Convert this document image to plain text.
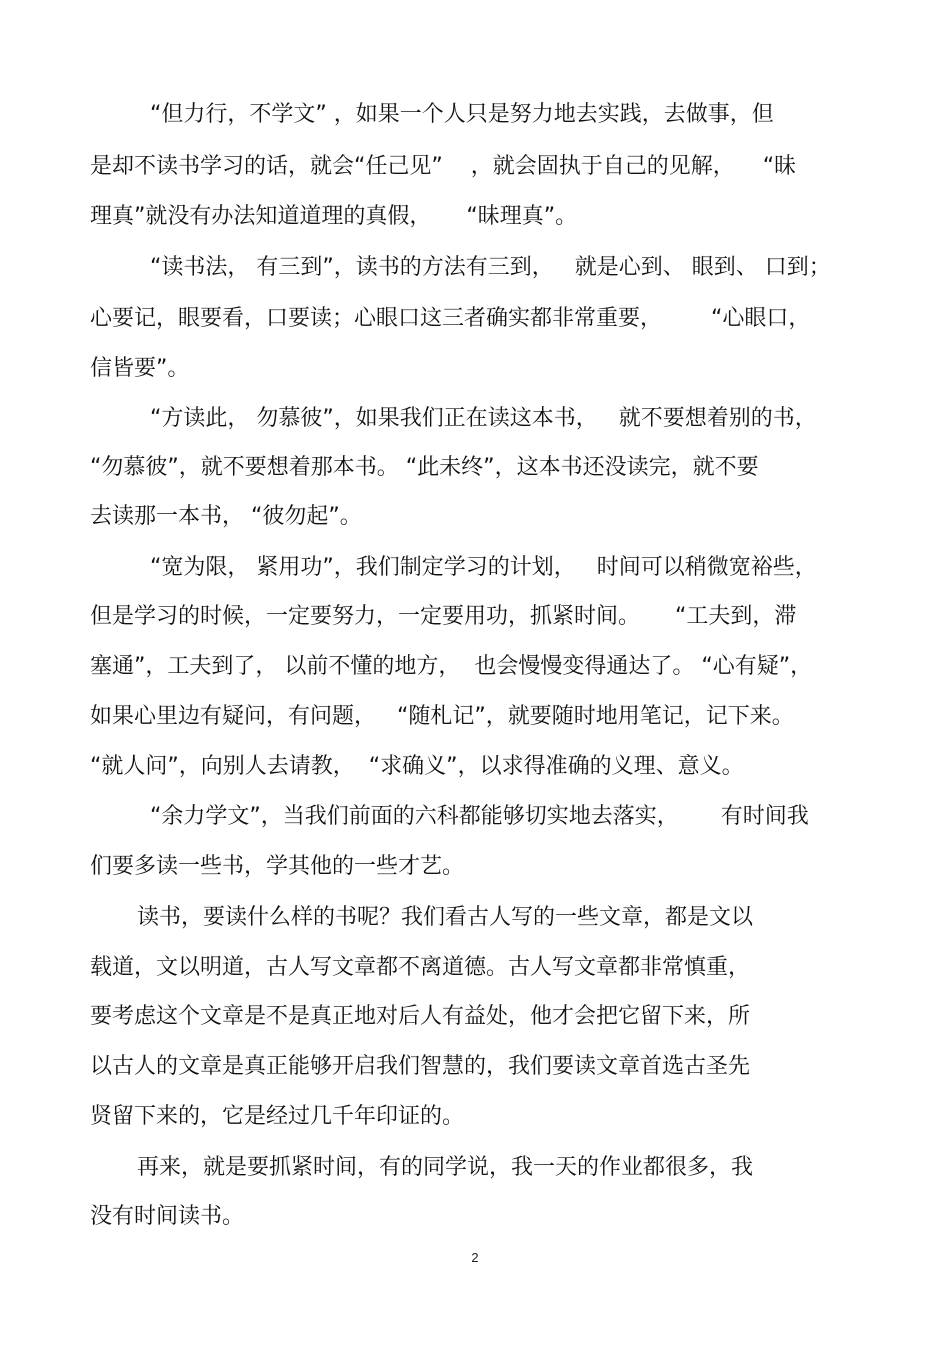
“但力行，不学文” ，如果一个人只是努力地去实践，去做事，但
是却不读书学习的话，就会“任己见”    ，就会固执于自己的见解，    “昧
理真”就没有办法知道道理的真假，     “昧理真”。
“读书法， 有三到”，读书的方法有三到，   就是心到、 眼到、 口到；
心要记，眼要看，口要读；心眼口这三者确实都非常重要，       “心眼口，
信皆要”。
“方读此， 勿慕彼”，如果我们正在读这本书，   就不要想着别的书，
“勿慕彼”，就不要想着那本书。 “此未终”，这本书还没读完，就不要
去读那一本书， “彼勿起”。
“宽为限， 紧用功”，我们制定学习的计划，   时间可以稍微宽裕些，
但是学习的时候，一定要努力，一定要用功，抓紧时间。     “工夫到，滞
塞通”，工夫到了， 以前不懂的地方，  也会慢慢变得通达了。 “心有疑”，
如果心里边有疑问，有问题，   “随札记”，就要随时地用笔记，记下来。
“就人问”，向别人去请教，  “求确义”，以求得准确的义理、意义。
“余力学文”，当我们前面的六科都能够切实地去落实，      有时间我
们要多读一些书，学其他的一些才艺。
读书，要读什么样的书呢？我们看古人写的一些文章，都是文以
载道，文以明道，古人写文章都不离道德。古人写文章都非常慎重，
要考虑这个文章是不是真正地对后人有益处，他才会把它留下来，所
以古人的文章是真正能够开启我们智慧的，我们要读文章首选古圣先
贤留下来的，它是经过几千年印证的。
再来，就是要抓紧时间，有的同学说，我一天的作业都很多，我
没有时间读书。
2
